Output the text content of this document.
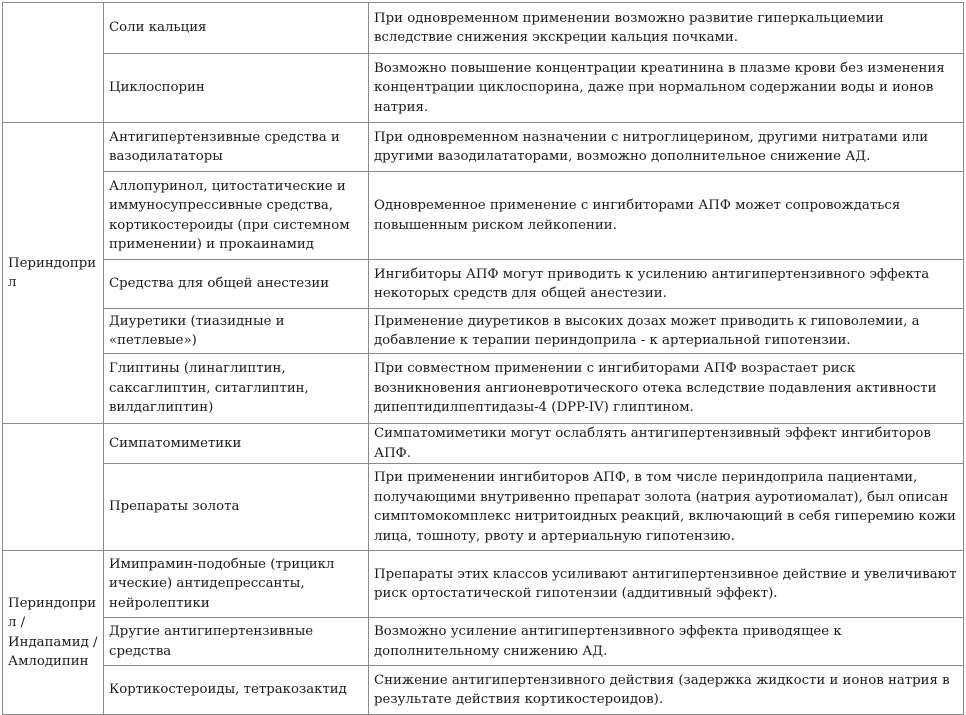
	Соли кальция	При одновременном применении возможно развитие гиперкальциемии вследствие снижения экскреции кальция почками.
	Циклоспорин	Возможно повышение концентрации креатинина в плазме крови без изменения концентрации циклоспорина, даже при нормальном содержании воды и ионов натрия.
Периндоприл	Антигипертензивные средства и вазодилататоры	При одновременном назначении с нитроглицерином, другими нитратами или другими вазодилататорами, возможно дополнительное снижение АД.
	Аллопуринол, цитостатические и иммуносупрессивные средства, кортикостероиды (при системном применении) и прокаинамид	Одновременное применение с ингибиторами АПФ может сопровождаться повышенным риском лейкопении.
	Средства для общей анестезии	Ингибиторы АПФ могут приводить к усилению антигипертензивного эффекта некоторых средств для общей анестезии.
	Диуретики (тиазидные и «петлевые»)	Применение диуретиков в высоких дозах может приводить к гиповолемии, а добавление к терапии периндоприла - к артериальной гипотензии.
	Глиптины (линаглиптин, саксаглиптин, ситаглиптин, вилдаглиптин)	При совместном применении с ингибиторами АПФ возрастает риск возникновения ангионевротического отека вследствие подавления активности дипептидилпептидазы-4 (DPP-IV) глиптином.
	Симпатомиметики	Симпатомиметики могут ослаблять антигипертензивный эффект ингибиторов АПФ.
	Препараты золота	При применении ингибиторов АПФ, в том числе периндоприла пациентами, получающими внутривенно препарат золота (натрия ауротиомалат), был описан симптомокомплекс нитритоидных реакций, включающий в себя гиперемию кожи лица, тошноту, рвоту и артериальную гипотензию.
Периндоприл /Индапамид / Амлодипин	Имипрамин-подобные (трицикл ические) антидепрессанты, нейролептики	Препараты этих классов усиливают антигипертензивное действие и увеличивают риск ортостатической гипотензии (аддитивный эффект).
	Другие антигипертензивные средства	Возможно усиление антигипертензивного эффекта приводящее к дополнительному снижению АД.
	Кортикостероиды, тетракозактид	Снижение антигипертензивного действия (задержка жидкости и ионов натрия в результате действия кортикостероидов).
